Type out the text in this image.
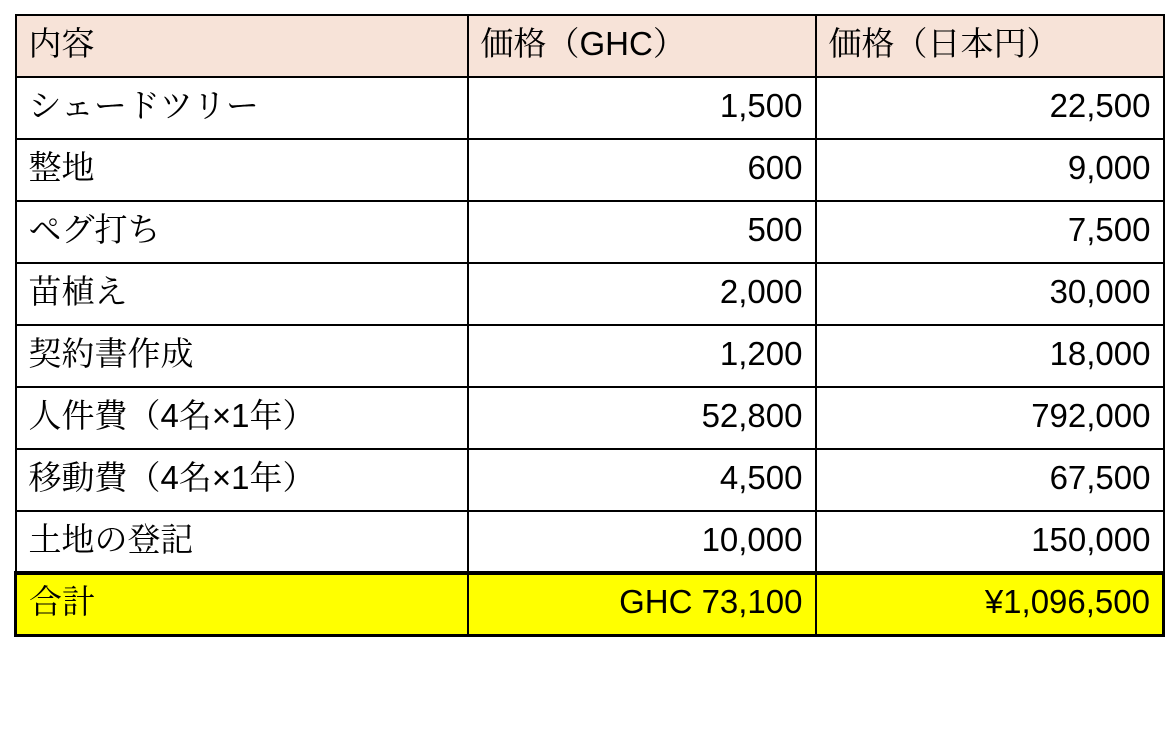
内容	価格（GHC）	価格（日本円）
シェードツリー	1,500	22,500
整地	600	9,000
ペグ打ち	500	7,500
苗植え	2,000	30,000
契約書作成	1,200	18,000
人件費（4名×1年）	52,800	792,000
移動費（4名×1年）	4,500	67,500
土地の登記	10,000	150,000
合計	GHC 73,100	¥1,096,500
